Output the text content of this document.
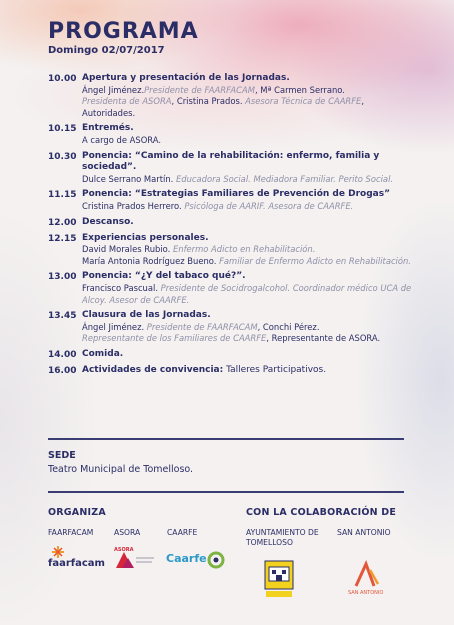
PROGRAMA
Domingo 02/07/2017
10.00 Apertura y presentación de las Jornadas.
Ángel Jiménez.Presidente de FAARFACAM, Mª Carmen Serrano.
Presidenta de ASORA, Cristina Prados. Asesora Técnica de CAARFE,
Autoridades.
10.15 Entremés.
A cargo de ASORA.
10.30 Ponencia: “Camino de la rehabilitación: enfermo, familia y sociedad”.
Dulce Serrano Martín. Educadora Social. Mediadora Familiar. Perito Social.
11.15 Ponencia: “Estrategias Familiares de Prevención de Drogas”
Cristina Prados Herrero. Psicóloga de AARIF. Asesora de CAARFE.
12.00 Descanso.
12.15 Experiencias personales.
David Morales Rubio. Enfermo Adicto en Rehabilitación.
María Antonia Rodríguez Bueno. Familiar de Enfermo Adicto en Rehabilitación.
13.00 Ponencia: “¿Y del tabaco qué?”.
Francisco Pascual. Presidente de Socidrogalcohol. Coordinador médico UCA de Alcoy. Asesor de CAARFE.
13.45 Clausura de las Jornadas.
Ángel Jiménez. Presidente de FAARFACAM, Conchi Pérez.
Representante de los Familiares de CAARFE, Representante de ASORA.
14.00 Comida.
16.00 Actividades de convivencia: Talleres Participativos.
SEDE
Teatro Municipal de Tomelloso.
ORGANIZA
FAARFACAM	ASORA	CAARFE
faarfacam
ASORA
Caarfe
CON LA COLABORACIÓN DE
AYUNTAMIENTO DE TOMELLOSO
SAN ANTONIO
SAN ANTONIO
